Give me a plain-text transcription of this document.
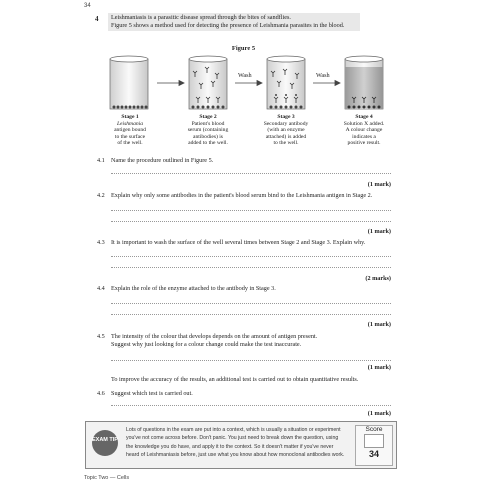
34
4 Leishmaniasis is a parasitic disease spread through the bites of sandflies.
Figure 5 shows a method used for detecting the presence of Leishmania parasites in the blood.
Figure 5
Wash	Wash
Stage 1
Leishmania
antigen bound
to the surface
of the well.
Stage 2
Patient's blood
serum (containing
antibodies) is
added to the well.
Stage 3
Secondary antibody
(with an enzyme
attached) is added
to the well.
Stage 4
Solution X added.
A colour change
indicates a
positive result.
4.1 Name the procedure outlined in Figure 5.
(1 mark)
4.2 Explain why only some antibodies in the patient's blood serum bind to the Leishmania antigen in Stage 2.
(1 mark)
4.3 It is important to wash the surface of the well several times between Stage 2 and Stage 3. Explain why.
(2 marks)
4.4 Explain the role of the enzyme attached to the antibody in Stage 3.
(1 mark)
4.5 The intensity of the colour that develops depends on the amount of antigen present.
Suggest why just looking for a colour change could make the test inaccurate.
(1 mark)
To improve the accuracy of the results, an additional test is carried out to obtain quantitative results.
4.6 Suggest which test is carried out.
(1 mark)
EXAM TIP
Lots of questions in the exam are put into a context, which is usually a situation or experiment you've not come across before. Don't panic. You just need to break down the question, using the knowledge you do have, and apply it to the context. So it doesn't matter if you've never heard of Leishmaniasis before, just use what you know about how monoclonal antibodies work.
Score
34
Topic Two — Cells
